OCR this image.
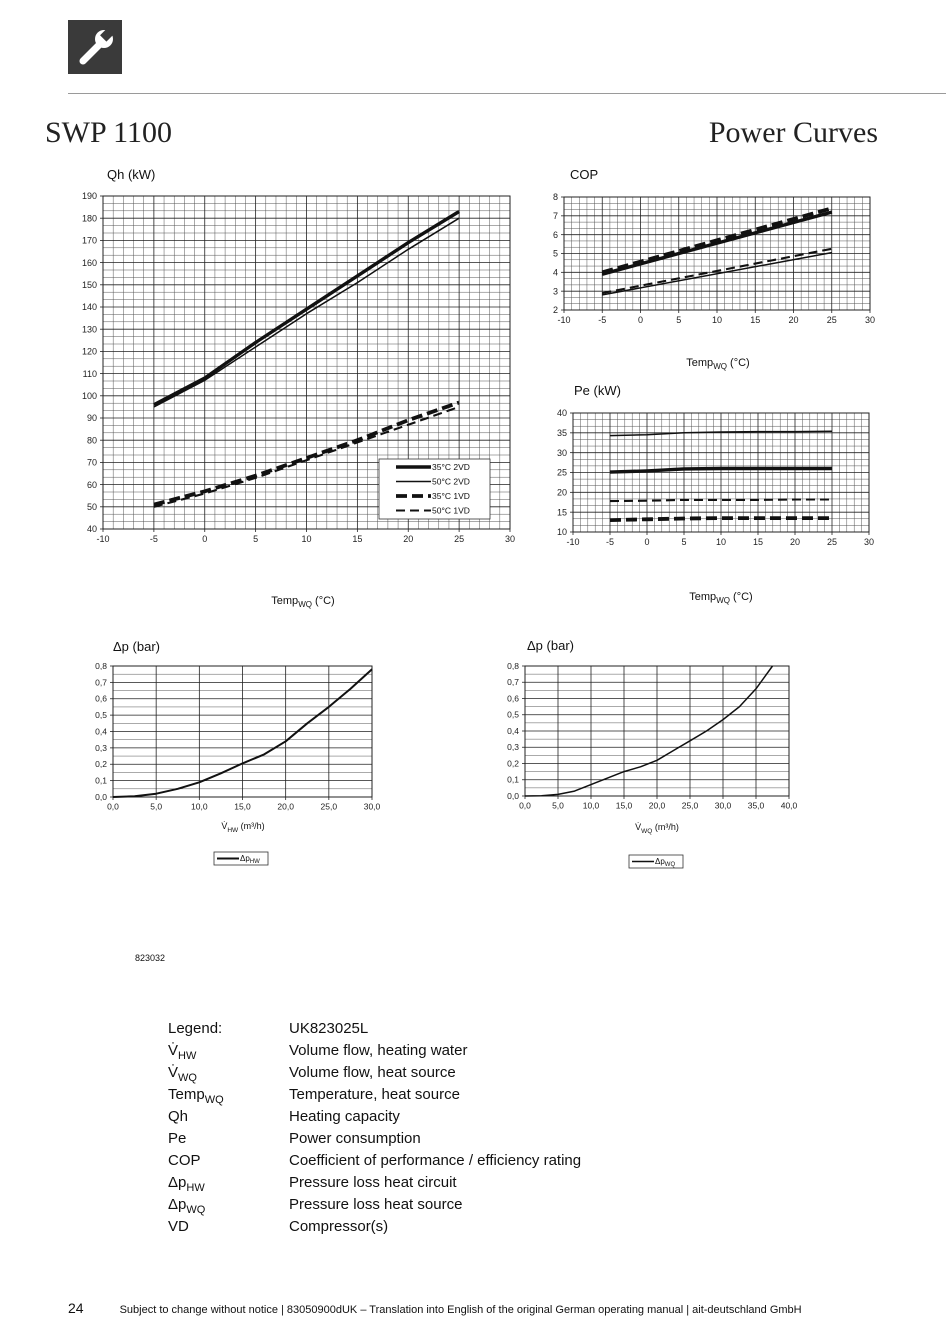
SWP 1100	Power Curves
-10	-5	0	5	10	15	20	25	30
40
50
60
70
80
90
100
110
120
130
140
150
160
170
180
190
Qh (kW)
Temp$_{WQ}$ (°C)
35°C 2VD
50°C 2VD
35°C 1VD
50°C 1VD
-10	-5	0	5	10	15	20	25	30
2
3
4
5
6
7
8
COP
Temp$_{WQ}$ (°C)
-10	-5	0	5	10	15	20	25	30
10
15
20
25
30
35
40
Pe (kW)
Temp$_{WQ}$ (°C)
0,0	5,0	10,0	15,0	20,0	25,0	30,0
0,0
0,1
0,2
0,3
0,4
0,5
0,6
0,7
0,8
Δp (bar)
$V̇_{HW}$ (m³/h)
$\Delta p_{HW}$
0,0 5,0 10,0 15,0 20,0 25,0 30,0 35,0 40,0
0,0
0,1
0,2
0,3
0,4
0,5
0,6
0,7
0,8
Δp (bar)
$V̇_{WQ}$ (m³/h)
$\Delta p_{WQ}$
823032
Legend:	UK823025L
$V̇_{HW}$	Volume flow, heating water
$V̇_{WQ}$	Volume flow, heat source
Temp$_{WQ}$	Temperature, heat source
Qh	Heating capacity
Pe	Power consumption
COP	Coefficient of performance / efficiency rating
$\Delta p_{HW}$	Pressure loss heat circuit
$\Delta p_{WQ}$	Pressure loss heat source
VD	Compressor(s)
24	Subject to change without notice | 83050900dUK – Translation into English of the original German operating manual | ait-deutschland GmbH
